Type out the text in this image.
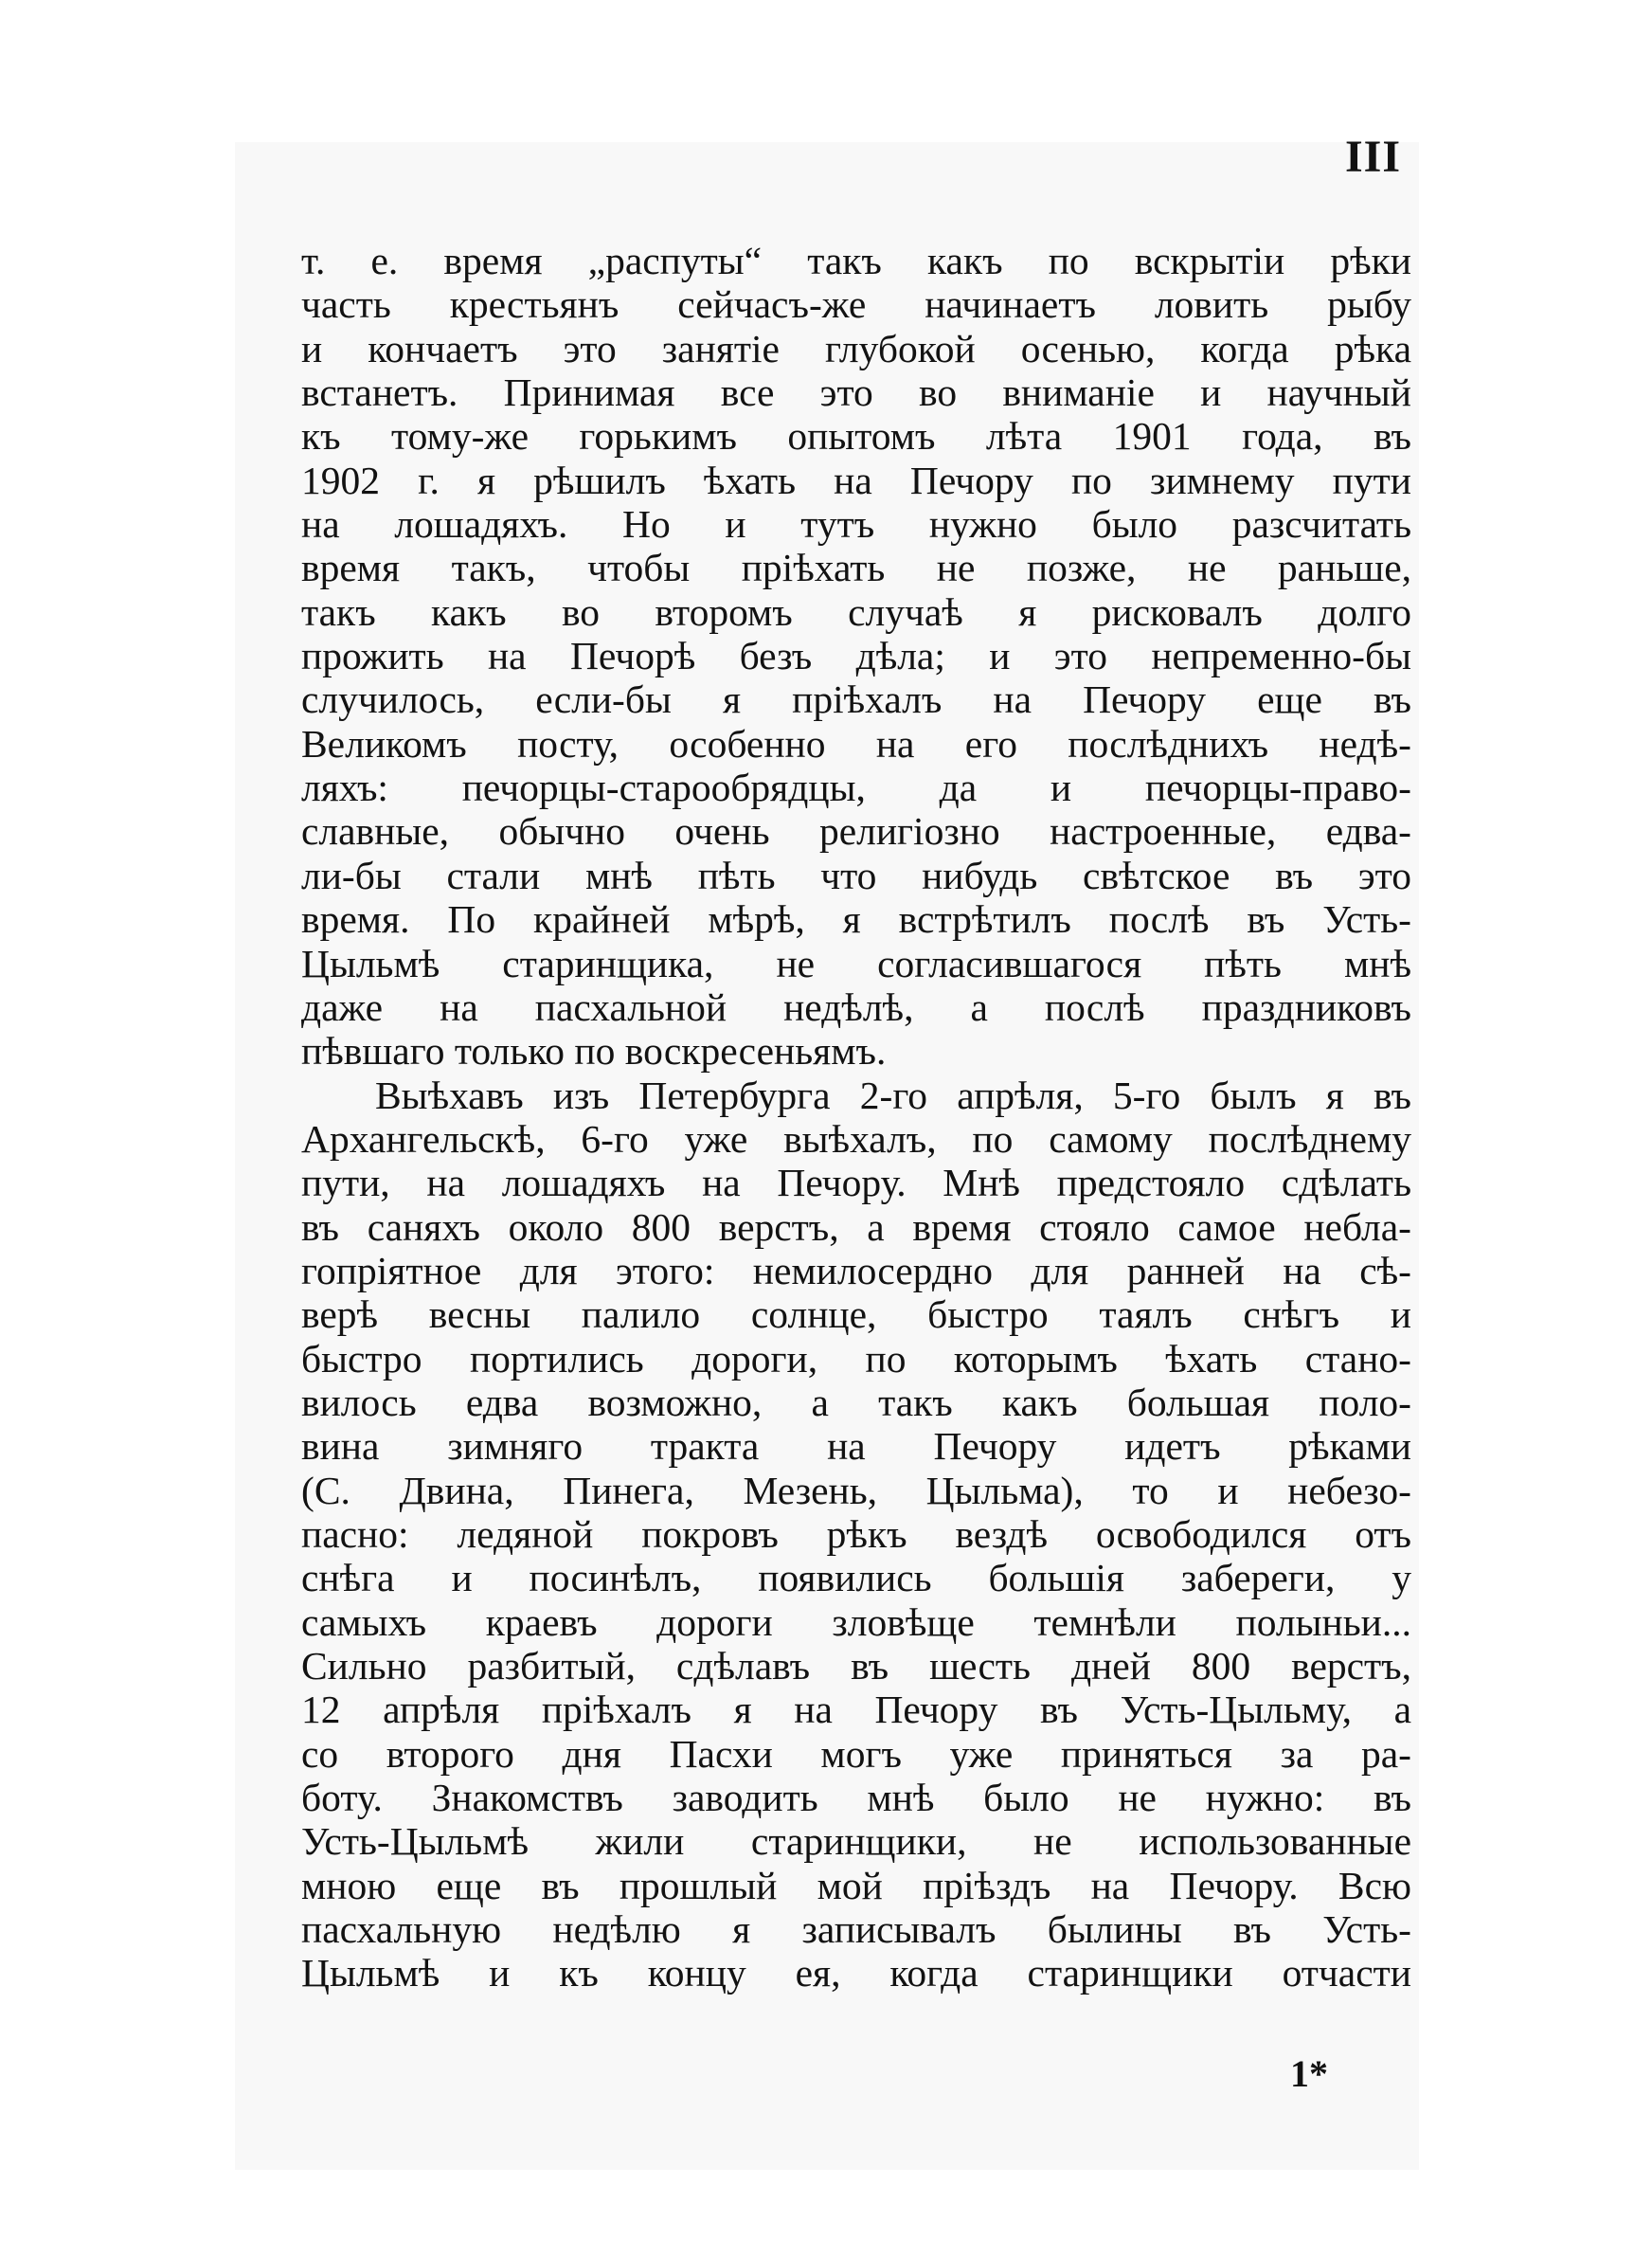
III
т. е. время „распуты“ такъ какъ по вскрытіи рѣки
часть крестьянъ сейчасъ-же начинаетъ ловить рыбу
и кончаетъ это занятіе глубокой осенью, когда рѣка
встанетъ. Принимая все это во вниманіе и научный
къ тому-же горькимъ опытомъ лѣта 1901 года, въ
1902 г. я рѣшилъ ѣхать на Печору по зимнему пути
на лошадяхъ. Но и тутъ нужно было разсчитать
время такъ, чтобы пріѣхать не позже, не раньше,
такъ какъ во второмъ случаѣ я рисковалъ долго
прожить на Печорѣ безъ дѣла; и это непременно-бы
случилось, если-бы я пріѣхалъ на Печору еще въ
Великомъ посту, особенно на его послѣднихъ недѣ-
ляхъ: печорцы-старообрядцы, да и печорцы-право-
славные, обычно очень религіозно настроенные, едва-
ли-бы стали мнѣ пѣть что нибудь свѣтское въ это
время. По крайней мѣрѣ, я встрѣтилъ послѣ въ Усть-
Цыльмѣ старинщика, не согласившагося пѣть мнѣ
даже на пасхальной недѣлѣ, а послѣ праздниковъ
пѣвшаго только по воскресеньямъ.
Выѣхавъ изъ Петербурга 2-го апрѣля, 5-го былъ я въ
Архангельскѣ, 6-го уже выѣхалъ, по самому послѣднему
пути, на лошадяхъ на Печору. Мнѣ предстояло сдѣлать
въ саняхъ около 800 верстъ, а время стояло самое небла-
гопріятное для этого: немилосердно для ранней на сѣ-
верѣ весны палило солнце, быстро таялъ снѣгъ и
быстро портились дороги, по которымъ ѣхать стано-
вилось едва возможно, а такъ какъ большая поло-
вина зимняго тракта на Печору идетъ рѣками
(С. Двина, Пинега, Мезень, Цыльма), то и небезо-
пасно: ледяной покровъ рѣкъ вездѣ освободился отъ
снѣга и посинѣлъ, появились большія забереги, у
самыхъ краевъ дороги зловѣще темнѣли полыньи...
Сильно разбитый, сдѣлавъ въ шесть дней 800 верстъ,
12 апрѣля пріѣхалъ я на Печору въ Усть-Цыльму, а
со второго дня Пасхи могъ уже приняться за ра-
боту. Знакомствъ заводить мнѣ было не нужно: въ
Усть-Цыльмѣ жили старинщики, не использованные
мною еще въ прошлый мой пріѣздъ на Печору. Всю
пасхальную недѣлю я записывалъ былины въ Усть-
Цыльмѣ и къ концу ея, когда старинщики отчасти
1*
